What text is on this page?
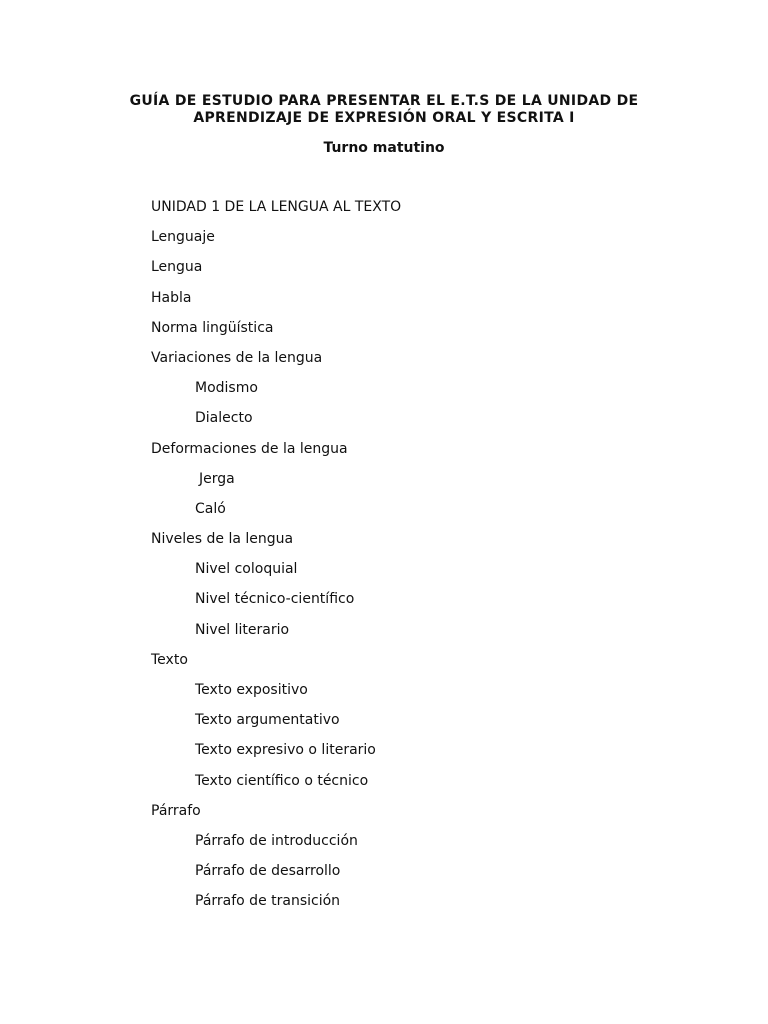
GUÍA DE ESTUDIO PARA PRESENTAR EL E.T.S DE LA UNIDAD DE
APRENDIZAJE DE EXPRESIÓN ORAL Y ESCRITA I
Turno matutino
UNIDAD 1 DE LA LENGUA AL TEXTO
Lenguaje
Lengua
Habla
Norma lingüística
Variaciones de la lengua
Modismo
Dialecto
Deformaciones de la lengua
Jerga
Caló
Niveles de la lengua
Nivel coloquial
Nivel técnico-científico
Nivel literario
Texto
Texto expositivo
Texto argumentativo
Texto expresivo o literario
Texto científico o técnico
Párrafo
Párrafo de introducción
Párrafo de desarrollo
Párrafo de transición
